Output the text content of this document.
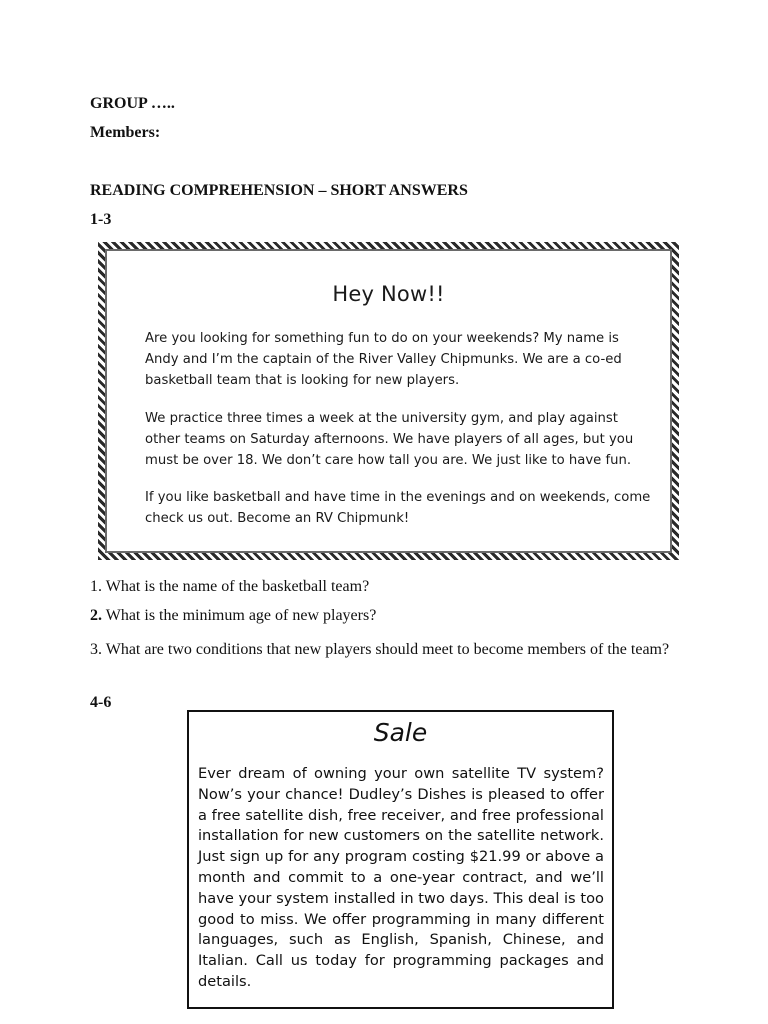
GROUP …..
Members:
READING COMPREHENSION – SHORT ANSWERS
1-3
Hey Now!!

Are you looking for something fun to do on your weekends? My name is Andy and I’m the captain of the River Valley Chipmunks. We are a co-ed basketball team that is looking for new players.

We practice three times a week at the university gym, and play against other teams on Saturday afternoons. We have players of all ages, but you must be over 18. We don’t care how tall you are. We just like to have fun.

If you like basketball and have time in the evenings and on weekends, come check us out. Become an RV Chipmunk!

1. What is the name of the basketball team?
2. What is the minimum age of new players?
3. What are two conditions that new players should meet to become members of the team?
4-6
Sale

Ever dream of owning your own satellite TV system? Now’s your chance! Dudley’s Dishes is pleased to offer a free satellite dish, free receiver, and free professional installation for new customers on the satellite network. Just sign up for any program costing $21.99 or above a month and commit to a one-year contract, and we’ll have your system installed in two days. This deal is too good to miss. We offer programming in many different languages, such as English, Spanish, Chinese, and Italian. Call us today for programming packages and details.
